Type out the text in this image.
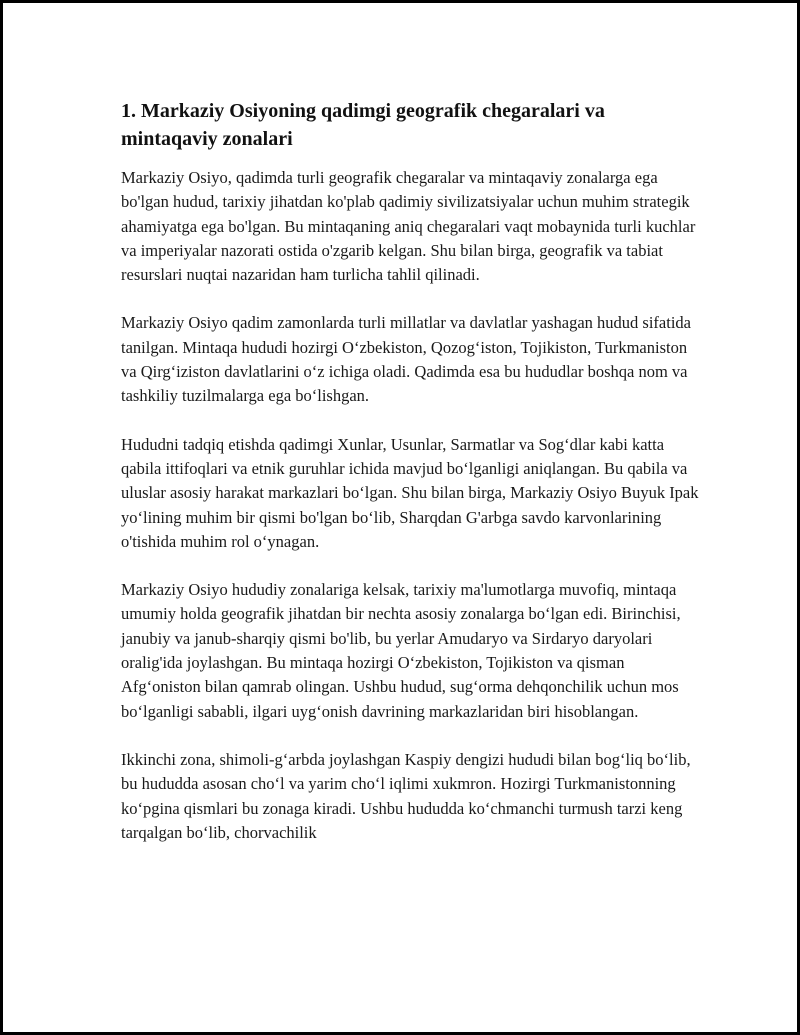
1. Markaziy Osiyoning qadimgi geografik chegaralari va mintaqaviy zonalari

Markaziy Osiyo, qadimda turli geografik chegaralar va mintaqaviy zonalarga ega bo'lgan hudud, tarixiy jihatdan ko'plab qadimiy sivilizatsiyalar uchun muhim strategik ahamiyatga ega bo'lgan. Bu mintaqaning aniq chegaralari vaqt mobaynida turli kuchlar va imperiyalar nazorati ostida o'zgarib kelgan. Shu bilan birga, geografik va tabiat resurslari nuqtai nazaridan ham turlicha tahlil qilinadi.

Markaziy Osiyo qadim zamonlarda turli millatlar va davlatlar yashagan hudud sifatida tanilgan. Mintaqa hududi hozirgi O‘zbekiston, Qozog‘iston, Tojikiston, Turkmaniston va Qirg‘iziston davlatlarini o‘z ichiga oladi. Qadimda esa bu hududlar boshqa nom va tashkiliy tuzilmalarga ega bo‘lishgan.

Hududni tadqiq etishda qadimgi Xunlar, Usunlar, Sarmatlar va Sog‘dlar kabi katta qabila ittifoqlari va etnik guruhlar ichida mavjud bo‘lganligi aniqlangan. Bu qabila va uluslar asosiy harakat markazlari bo‘lgan. Shu bilan birga, Markaziy Osiyo Buyuk Ipak yo‘lining muhim bir qismi bo'lgan bo‘lib, Sharqdan G'arbga savdo karvonlarining o'tishida muhim rol o‘ynagan.

Markaziy Osiyo hududiy zonalariga kelsak, tarixiy ma'lumotlarga muvofiq, mintaqa umumiy holda geografik jihatdan bir nechta asosiy zonalarga bo‘lgan edi. Birinchisi, janubiy va janub-sharqiy qismi bo'lib, bu yerlar Amudaryo va Sirdaryo daryolari oralig'ida joylashgan. Bu mintaqa hozirgi O‘zbekiston, Tojikiston va qisman Afg‘oniston bilan qamrab olingan. Ushbu hudud, sug‘orma dehqonchilik uchun mos bo‘lganligi sababli, ilgari uyg‘onish davrining markazlaridan biri hisoblangan.

Ikkinchi zona, shimoli-g‘arbda joylashgan Kaspiy dengizi hududi bilan bog‘liq bo‘lib, bu hududda asosan cho‘l va yarim cho‘l iqlimi xukmron. Hozirgi Turkmanistonning ko‘pgina qismlari bu zonaga kiradi. Ushbu hududda ko‘chmanchi turmush tarzi keng tarqalgan bo‘lib, chorvachilik
